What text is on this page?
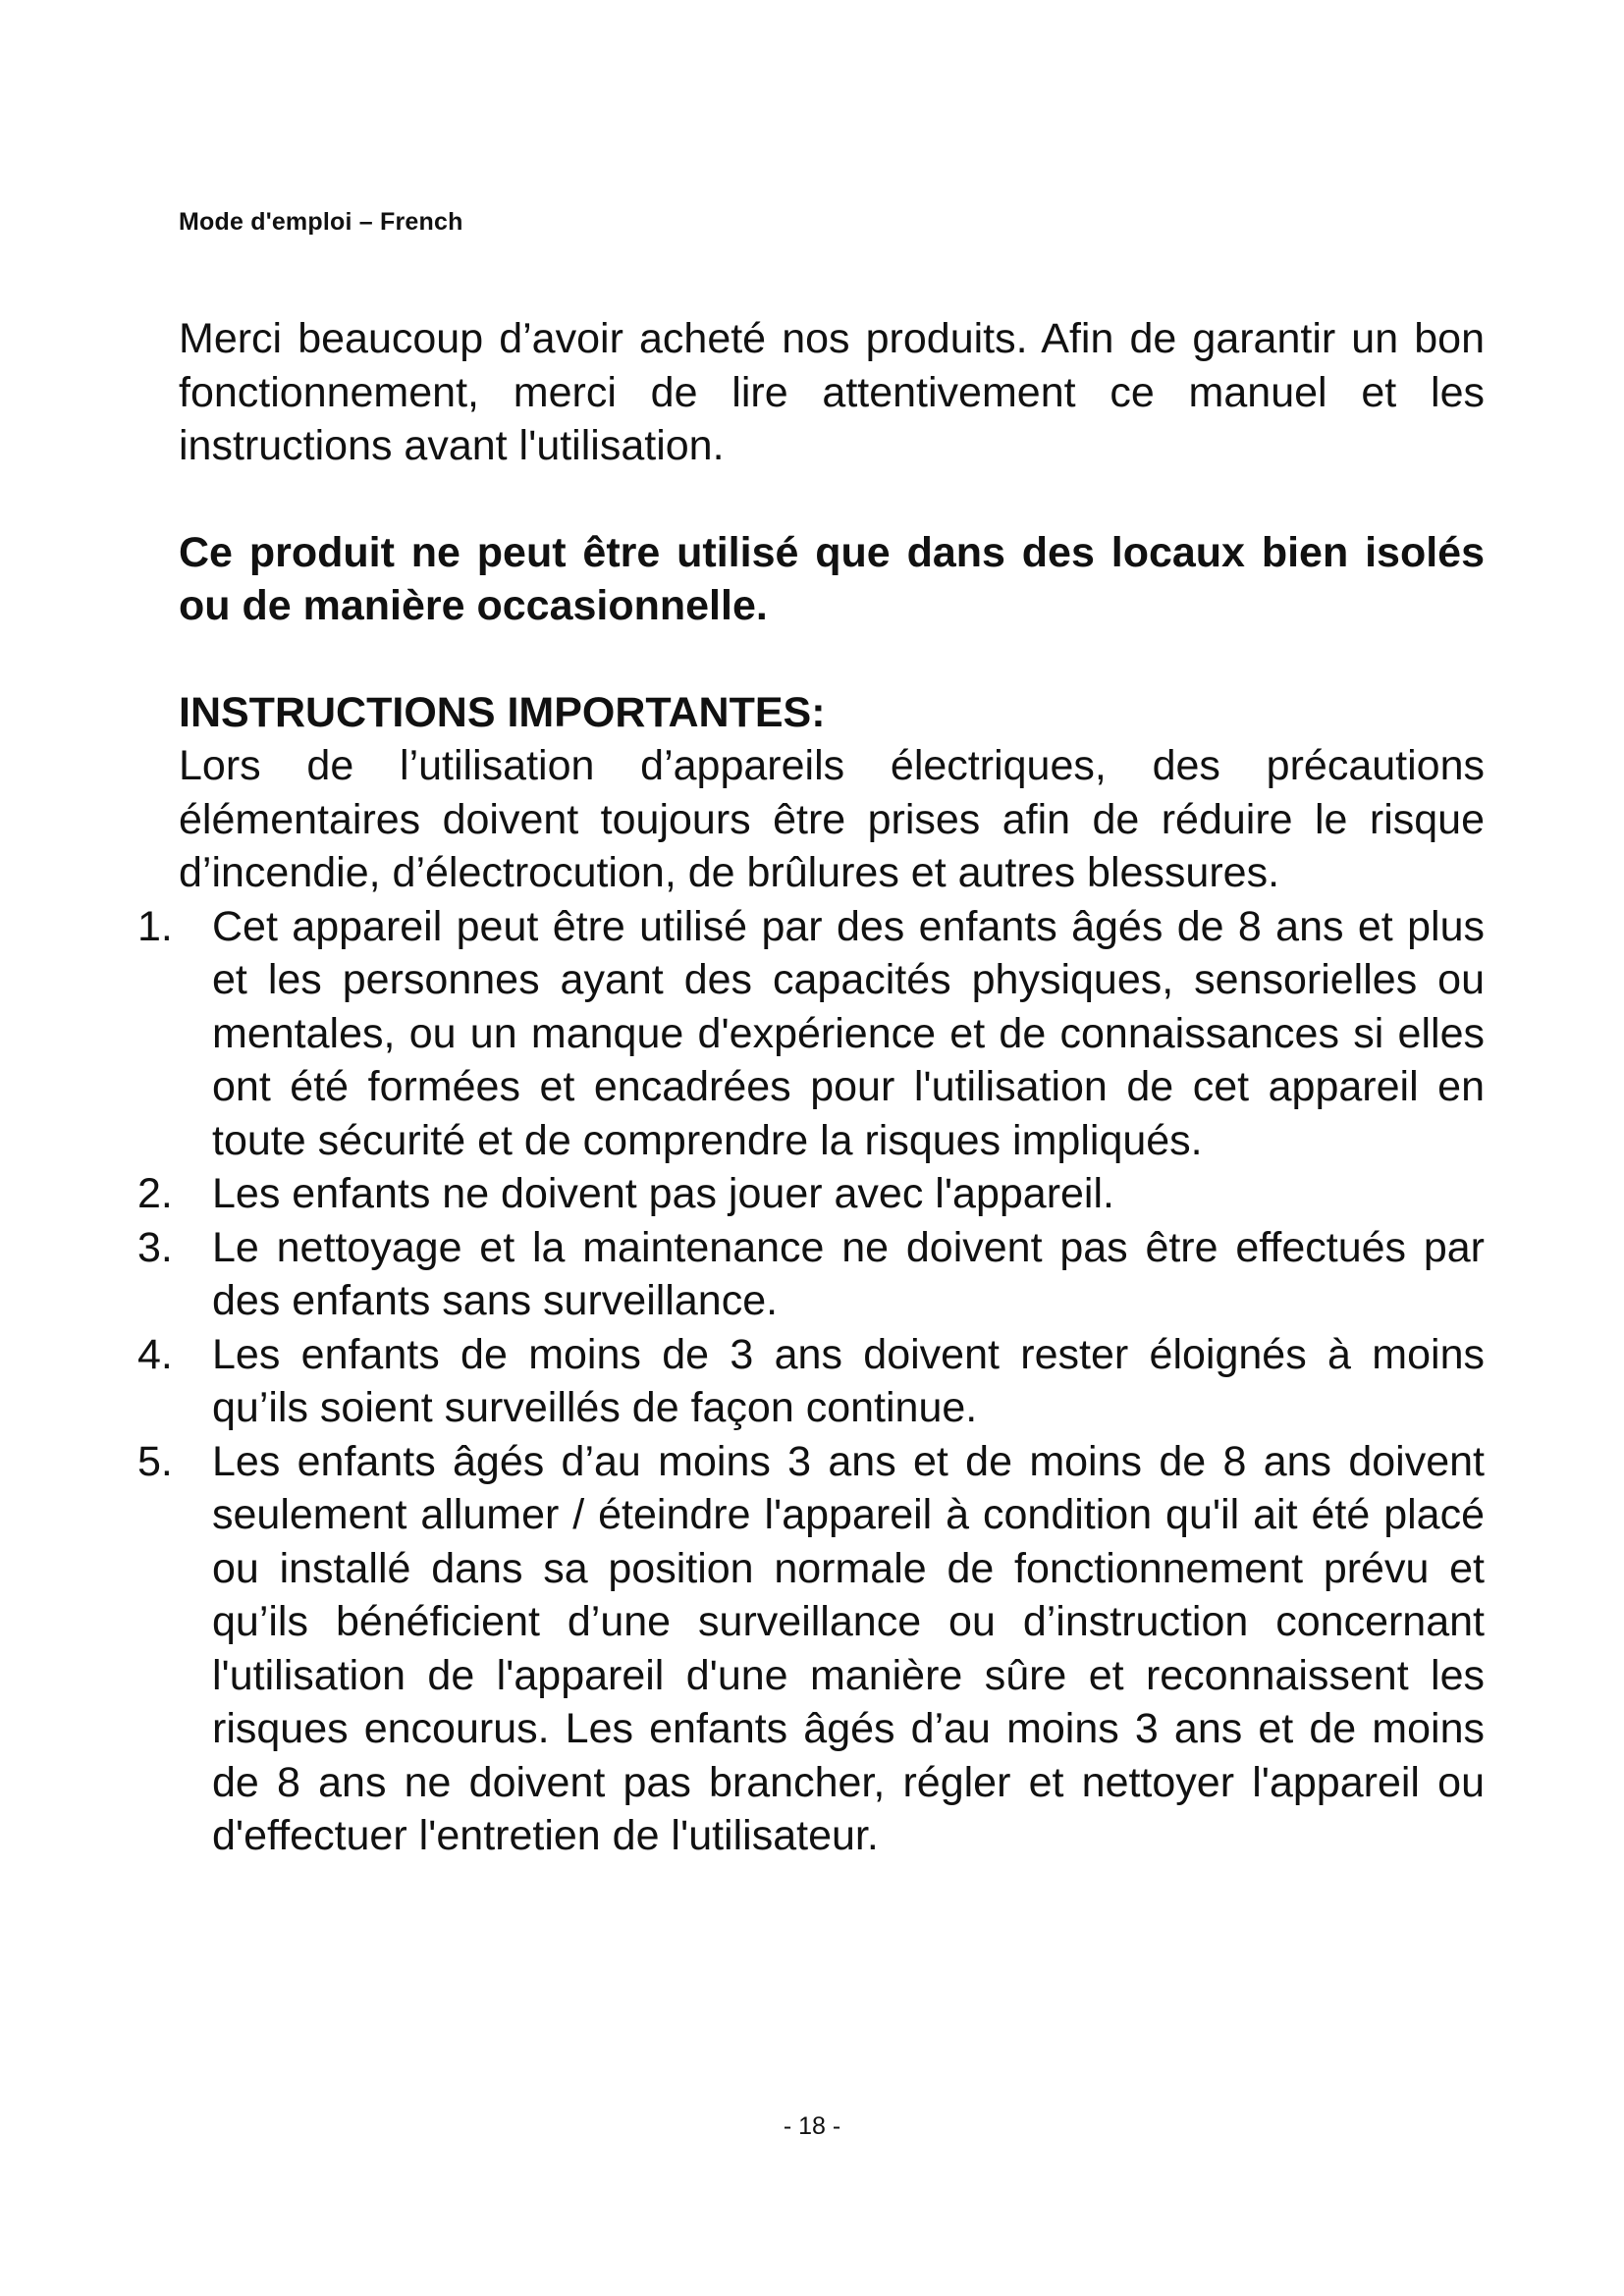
Mode d'emploi – French

Merci beaucoup d’avoir acheté nos produits. Afin de garantir un bon fonctionnement, merci de lire attentivement ce manuel et les instructions avant l'utilisation.

Ce produit ne peut être utilisé que dans des locaux bien isolés ou de manière occasionnelle.

INSTRUCTIONS IMPORTANTES:

Lors de l’utilisation d’appareils électriques, des précautions élémentaires doivent toujours être prises afin de réduire le risque d’incendie, d’électrocution, de brûlures et autres blessures.

1. Cet appareil peut être utilisé par des enfants âgés de 8 ans et plus et les personnes ayant des capacités physiques, sensorielles ou mentales, ou un manque d'expérience et de connaissances si elles ont été formées et encadrées pour l'utilisation de cet appareil en toute sécurité et de comprendre la risques impliqués.
2. Les enfants ne doivent pas jouer avec l'appareil.
3. Le nettoyage et la maintenance ne doivent pas être effectués par des enfants sans surveillance.
4. Les enfants de moins de 3 ans doivent rester éloignés à moins qu’ils soient surveillés de façon continue.
5. Les enfants âgés d’au moins 3 ans et de moins de 8 ans doivent seulement allumer / éteindre l'appareil à condition qu'il ait été placé ou installé dans sa position normale de fonctionnement prévu et qu’ils bénéficient d’une surveillance ou d’instruction concernant l'utilisation de l'appareil d'une manière sûre et reconnaissent les risques encourus. Les enfants âgés d’au moins 3 ans et de moins de 8 ans ne doivent pas brancher, régler et nettoyer l'appareil ou d'effectuer l'entretien de l'utilisateur.
- 18 -
